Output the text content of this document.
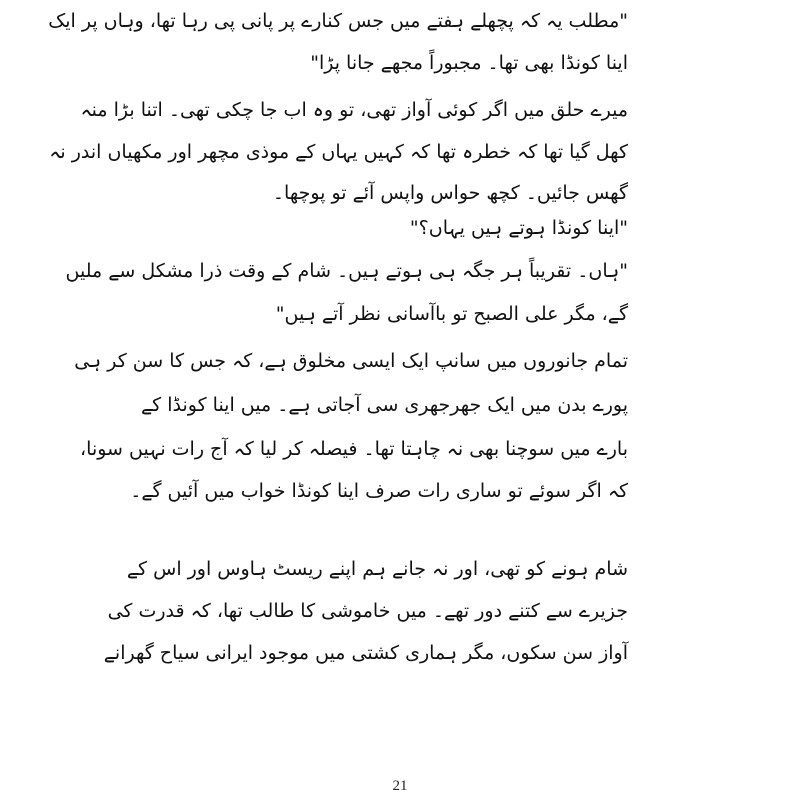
"مطلب یہ کہ پچھلے ہفتے میں جس کنارے پر پانی پی رہا تھا، وہاں پر ایک
اینا کونڈا بھی تھا۔ مجبوراً مجھے جانا پڑا"
میرے حلق میں اگر کوئی آواز تھی، تو وہ اب جا چکی تھی۔ اتنا بڑا منہ
کھل گیا تھا کہ خطرہ تھا کہ کہیں یہاں کے موذی مچھر اور مکھیاں اندر نہ
گھس جائیں۔ کچھ حواس واپس آئے تو پوچھا۔
"اینا کونڈا ہوتے ہیں یہاں؟"
"ہاں۔ تقریباً ہر جگہ ہی ہوتے ہیں۔ شام کے وقت ذرا مشکل سے ملیں
گے، مگر علی الصبح تو باآسانی نظر آتے ہیں"
تمام جانوروں میں سانپ ایک ایسی مخلوق ہے، کہ جس کا سن کر ہی
پورے بدن میں ایک جھرجھری سی آجاتی ہے۔ میں اینا کونڈا کے
بارے میں سوچنا بھی نہ چاہتا تھا۔ فیصلہ کر لیا کہ آج رات نہیں سونا،
کہ اگر سوئے تو ساری رات صرف اینا کونڈا خواب میں آئیں گے۔
شام ہونے کو تھی، اور نہ جانے ہم اپنے ریسٹ ہاوس اور اس کے
جزیرے سے کتنے دور تھے۔ میں خاموشی کا طالب تھا، کہ قدرت کی
آواز سن سکوں، مگر ہماری کشتی میں موجود ایرانی سیاح گھرانے
21
